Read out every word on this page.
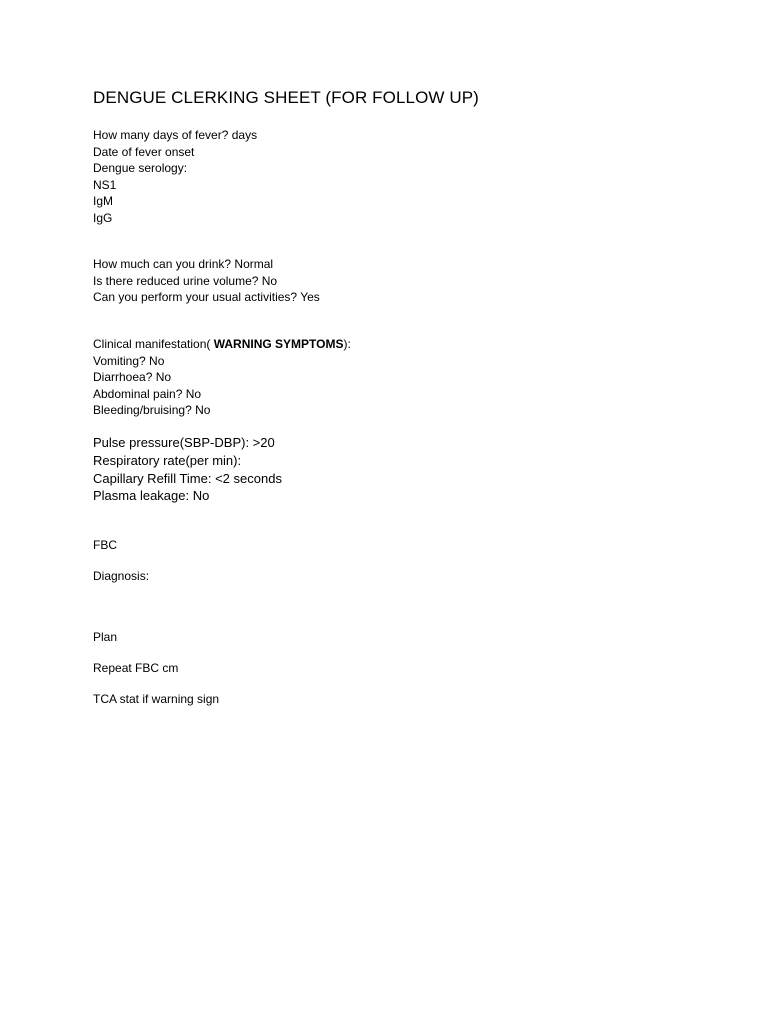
DENGUE CLERKING SHEET (FOR FOLLOW UP)
How many days of fever? days
Date of fever onset
Dengue serology:
NS1
IgM
IgG
How much can you drink? Normal
Is there reduced urine volume? No
Can you perform your usual activities? Yes
Clinical manifestation( WARNING SYMPTOMS):
Vomiting? No
Diarrhoea? No
Abdominal pain? No
Bleeding/bruising? No
Pulse pressure(SBP-DBP): >20
Respiratory rate(per min):
Capillary Refill Time: <2 seconds
Plasma leakage: No
FBC
Diagnosis:
Plan
Repeat FBC cm
TCA stat if warning sign
